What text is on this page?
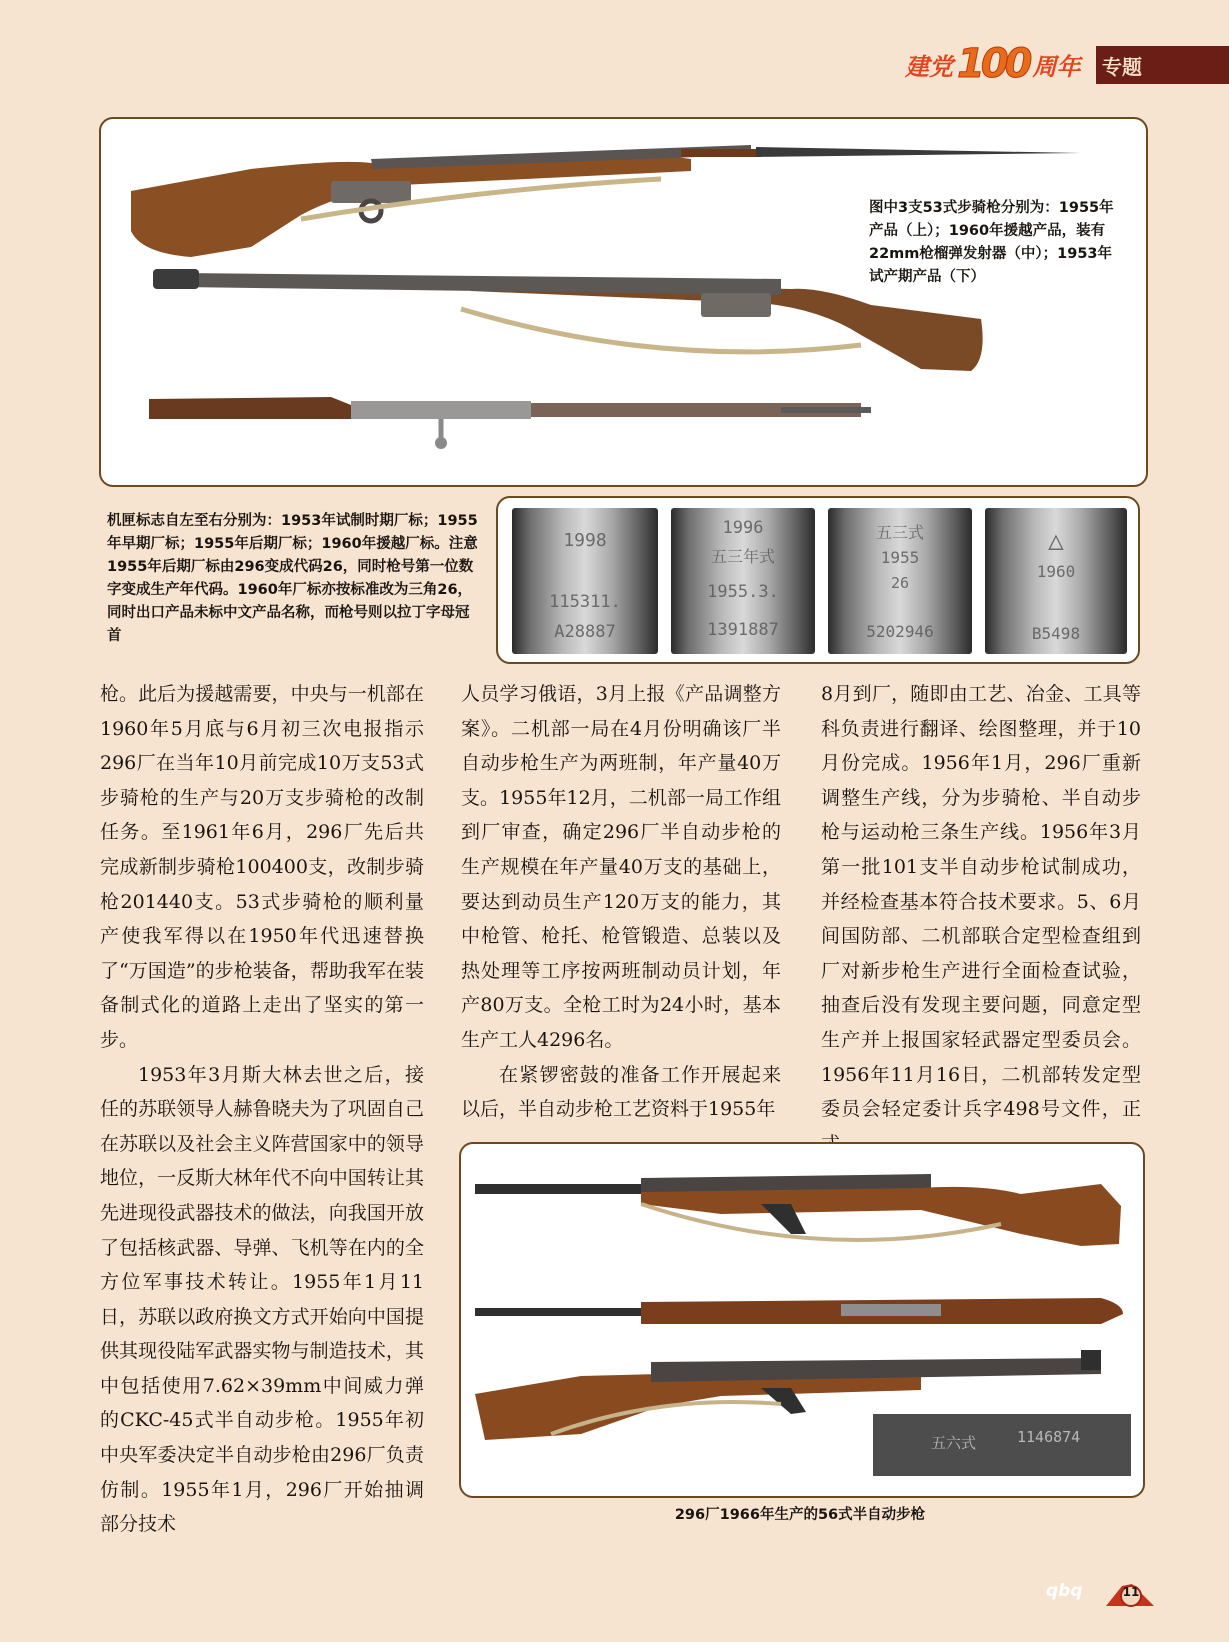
建党 100 周年 专题
图中3支53式步骑枪分别为：1955年产品（上）；1960年援越产品，装有22mm枪榴弹发射器（中）；1953年试产期产品（下）
机匣标志自左至右分别为：1953年试制时期厂标；1955年早期厂标；1955年后期厂标；1960年援越厂标。注意1955年后期厂标由296变成代码26，同时枪号第一位数字变成生产年代码。1960年厂标亦按标准改为三角26，同时出口产品未标中文产品名称，而枪号则以拉丁字母冠首
1998
115311.
A28887
1996
五三年式
1955.3.
1391887
五三式
1955
26
5202946
△
1960
B5498

枪。此后为援越需要，中央与一机部在1960年5月底与6月初三次电报指示296厂在当年10月前完成10万支53式步骑枪的生产与20万支步骑枪的改制任务。至1961年6月，296厂先后共完成新制步骑枪100400支，改制步骑枪201440支。53式步骑枪的顺利量产使我军得以在1950年代迅速替换了“万国造”的步枪装备，帮助我军在装备制式化的道路上走出了坚实的第一步。

1953年3月斯大林去世之后，接任的苏联领导人赫鲁晓夫为了巩固自己在苏联以及社会主义阵营国家中的领导地位，一反斯大林年代不向中国转让其先进现役武器技术的做法，向我国开放了包括核武器、导弹、飞机等在内的全方位军事技术转让。1955年1月11日，苏联以政府换文方式开始向中国提供其现役陆军武器实物与制造技术，其中包括使用7.62×39mm中间威力弹的CKC-45式半自动步枪。1955年初中央军委决定半自动步枪由296厂负责仿制。1955年1月，296厂开始抽调部分技术

人员学习俄语，3月上报《产品调整方案》。二机部一局在4月份明确该厂半自动步枪生产为两班制，年产量40万支。1955年12月，二机部一局工作组到厂审查，确定296厂半自动步枪的生产规模在年产量40万支的基础上，要达到动员生产120万支的能力，其中枪管、枪托、枪管锻造、总装以及热处理等工序按两班制动员计划，年产80万支。全枪工时为24小时，基本生产工人4296名。

在紧锣密鼓的准备工作开展起来以后，半自动步枪工艺资料于1955年

8月到厂，随即由工艺、冶金、工具等科负责进行翻译、绘图整理，并于10月份完成。1956年1月，296厂重新调整生产线，分为步骑枪、半自动步枪与运动枪三条生产线。1956年3月第一批101支半自动步枪试制成功，并经检查基本符合技术要求。5、6月间国防部、二机部联合定型检查组到厂对新步枪生产进行全面检查试验，抽查后没有发现主要问题，同意定型生产并上报国家轻武器定型委员会。1956年11月16日，二机部转发定型委员会轻定委计兵字498号文件，正

五六式	1146874
296厂1966年生产的56式半自动步枪
qbq	11
